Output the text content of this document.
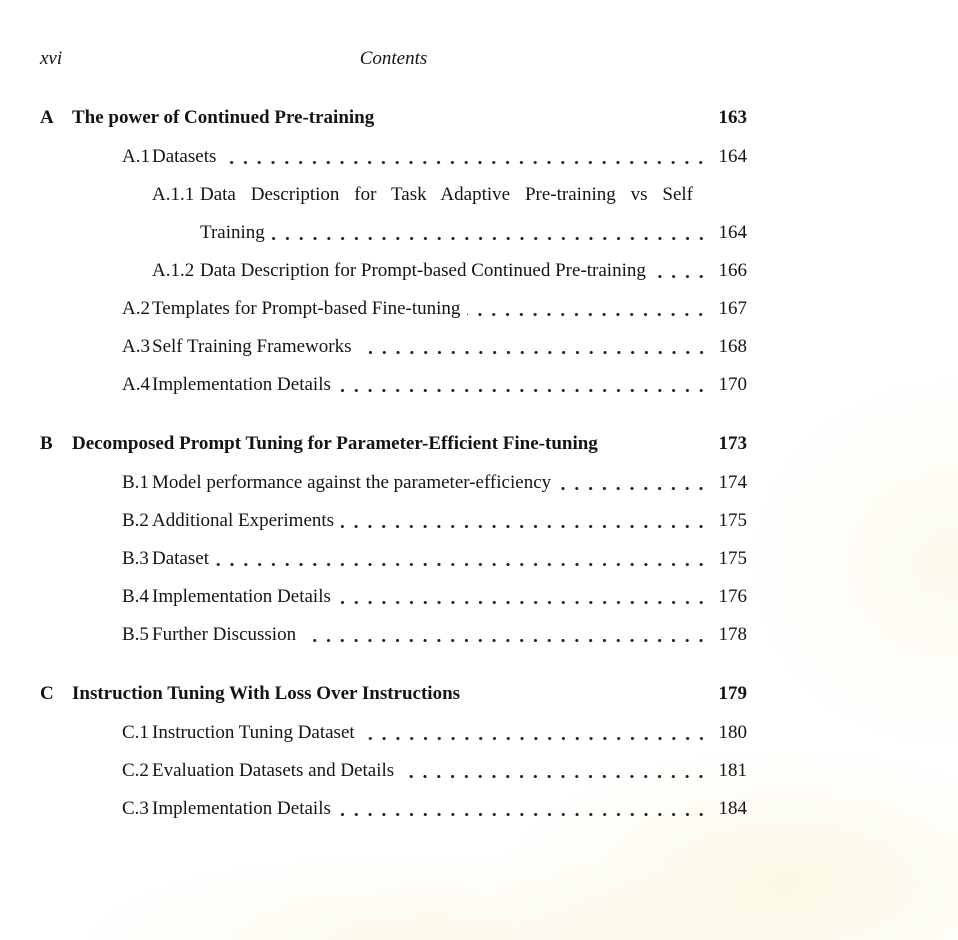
xvi	Contents
A The power of Continued Pre-training	163
A.1 Datasets	164
A.1.1 Data Description for Task Adaptive Pre-training vs Self
Training	164
A.1.2 Data Description for Prompt-based Continued Pre-training	166
A.2 Templates for Prompt-based Fine-tuning	167
A.3 Self Training Frameworks	168
A.4 Implementation Details	170
B	Decomposed Prompt Tuning for Parameter-Efficient Fine-tuning	173
B.1 Model performance against the parameter-efficiency	174
B.2 Additional Experiments	175
B.3 Dataset	175
B.4 Implementation Details	176
B.5 Further Discussion	178
C Instruction Tuning With Loss Over Instructions	179
C.1 Instruction Tuning Dataset	180
C.2 Evaluation Datasets and Details	181
C.3 Implementation Details	184
